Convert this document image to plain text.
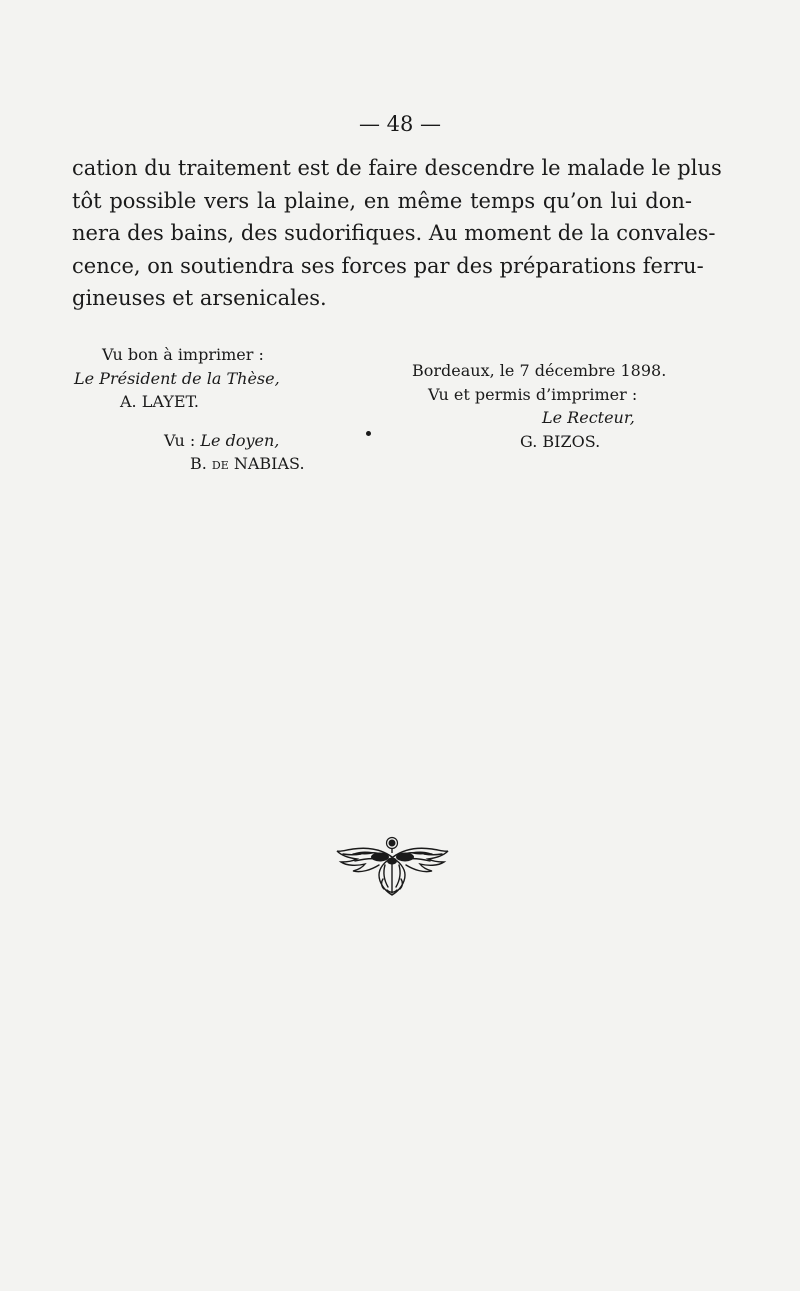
— 48 —
cation du traitement est de faire descendre le malade le plus
tôt possible vers la plaine, en même temps qu’on lui don-
nera des bains, des sudorifiques. Au moment de la convales-
cence, on soutiendra ses forces par des préparations ferru-
gineuses et arsenicales.
Vu bon à imprimer :
Le Président de la Thèse,
A. LAYET.
Vu : Le doyen,
B. de NABIAS.
Bordeaux, le 7 décembre 1898.
Vu et permis d’imprimer :
Le Recteur,
G. BIZOS.
